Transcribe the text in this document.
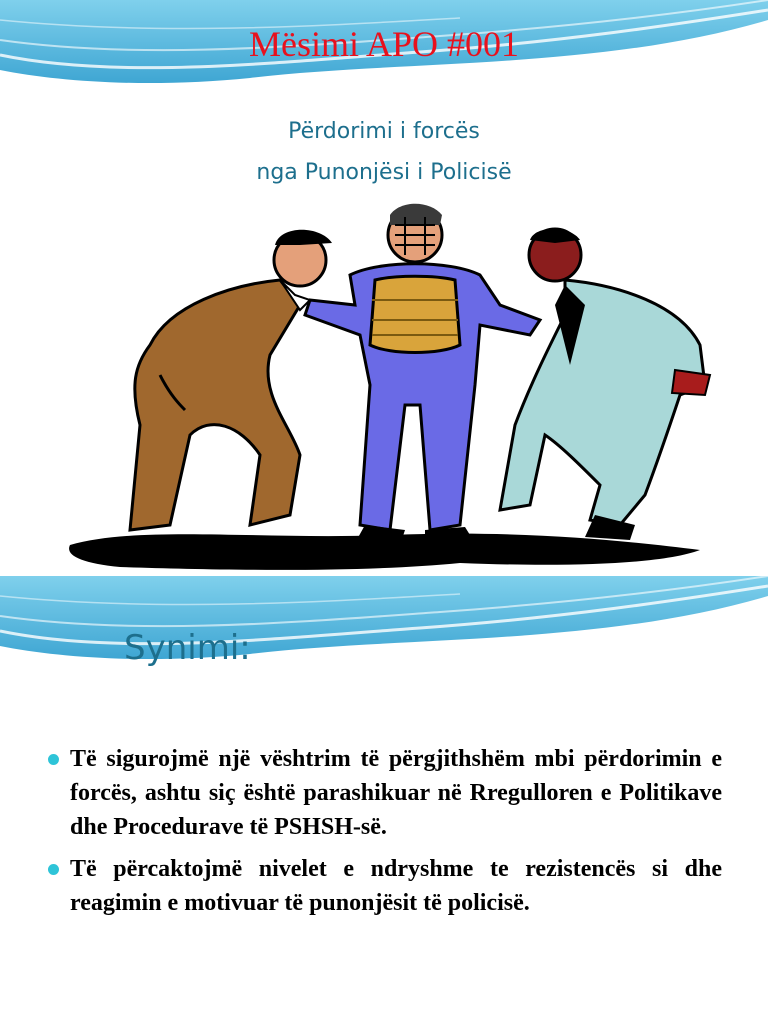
Mësimi APO #001
Përdorimi i forcës
nga Punonjësi i Policisë
Synimi:
Të sigurojmë një vështrim të përgjithshëm mbi përdorimin e forcës, ashtu siç është parashikuar në Rregulloren e Politikave dhe Procedurave të PSHSH-së.
Të përcaktojmë nivelet e ndryshme te rezistencës si dhe reagimin e motivuar të punonjësit të policisë.
